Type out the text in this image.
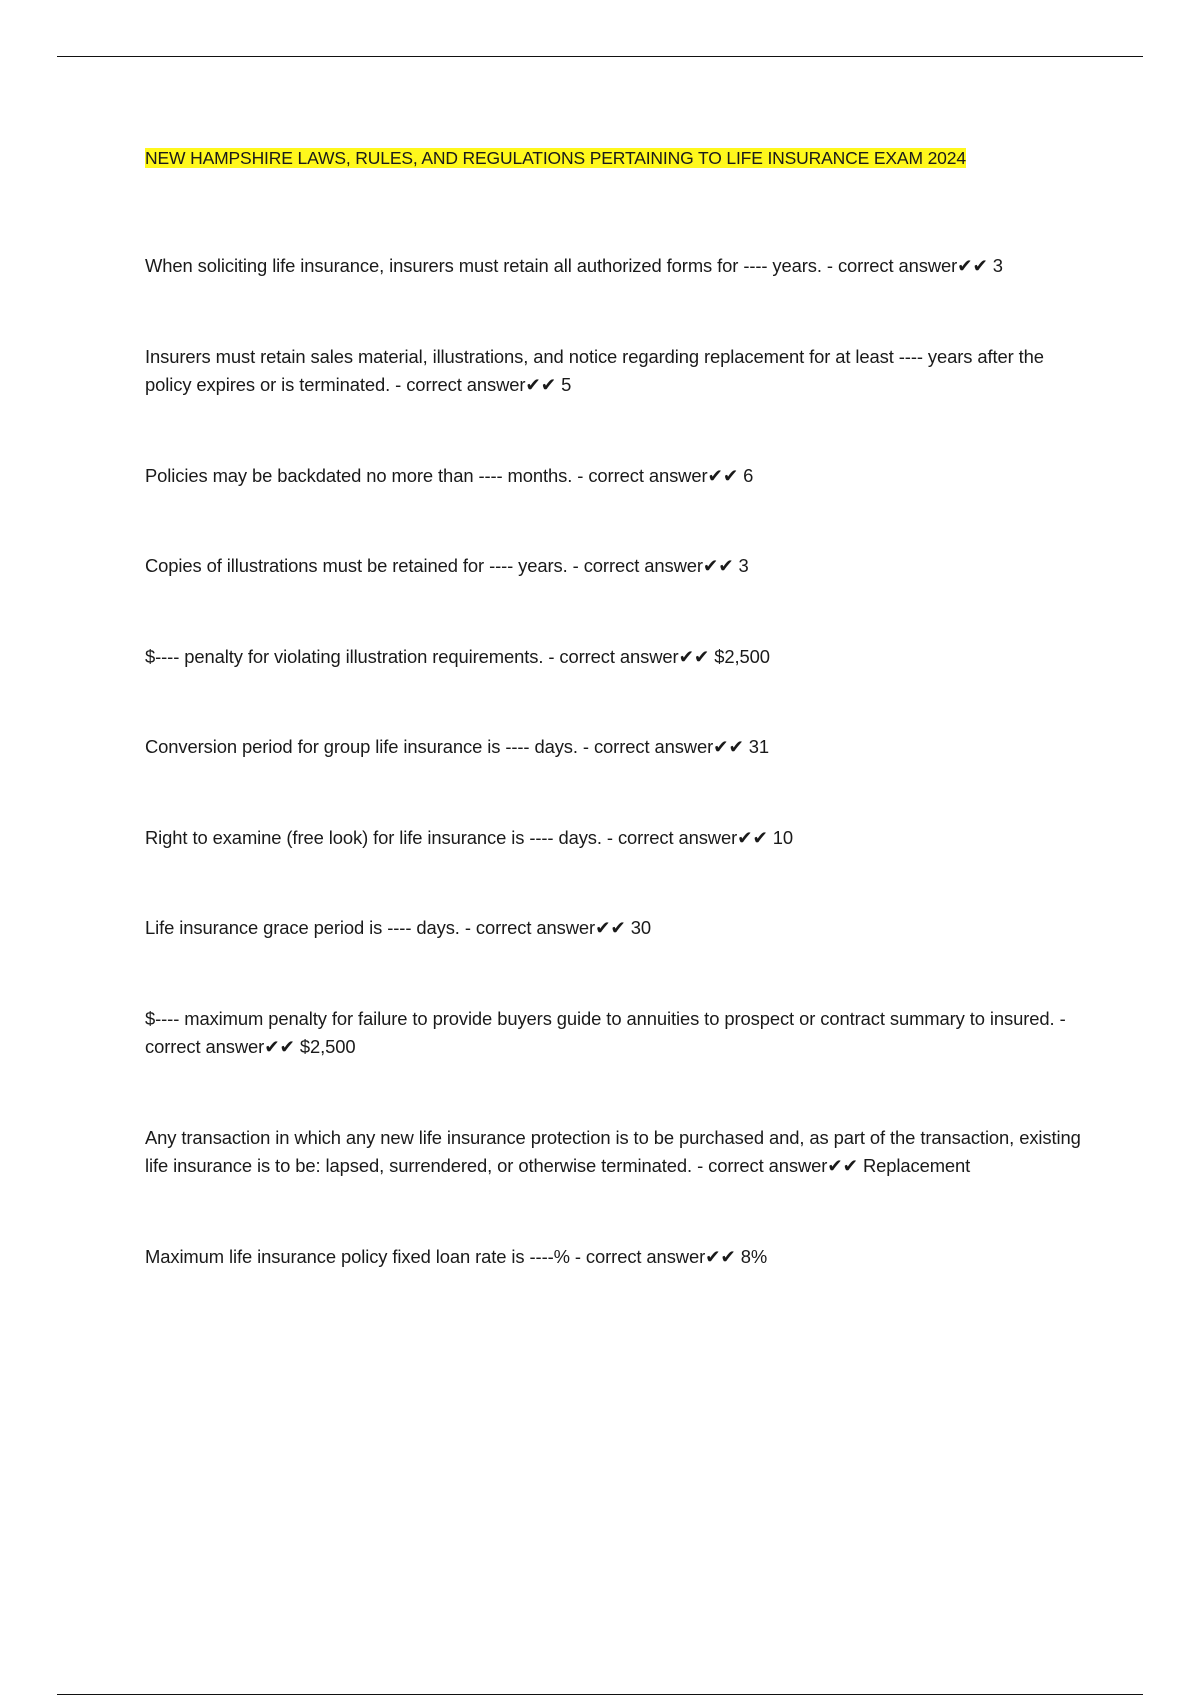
NEW HAMPSHIRE LAWS, RULES, AND REGULATIONS PERTAINING TO LIFE INSURANCE EXAM 2024

When soliciting life insurance, insurers must retain all authorized forms for ---- years. - correct answer✔✔ 3

Insurers must retain sales material, illustrations, and notice regarding replacement for at least ---- years after the policy expires or is terminated. - correct answer✔✔ 5

Policies may be backdated no more than ---- months. - correct answer✔✔ 6

Copies of illustrations must be retained for ---- years. - correct answer✔✔ 3

$---- penalty for violating illustration requirements. - correct answer✔✔ $2,500

Conversion period for group life insurance is ---- days. - correct answer✔✔ 31

Right to examine (free look) for life insurance is ---- days. - correct answer✔✔ 10

Life insurance grace period is ---- days. - correct answer✔✔ 30

$---- maximum penalty for failure to provide buyers guide to annuities to prospect or contract summary to insured. - correct answer✔✔ $2,500

Any transaction in which any new life insurance protection is to be purchased and, as part of the transaction, existing life insurance is to be: lapsed, surrendered, or otherwise terminated. - correct answer✔✔ Replacement

Maximum life insurance policy fixed loan rate is ----% - correct answer✔✔ 8%
